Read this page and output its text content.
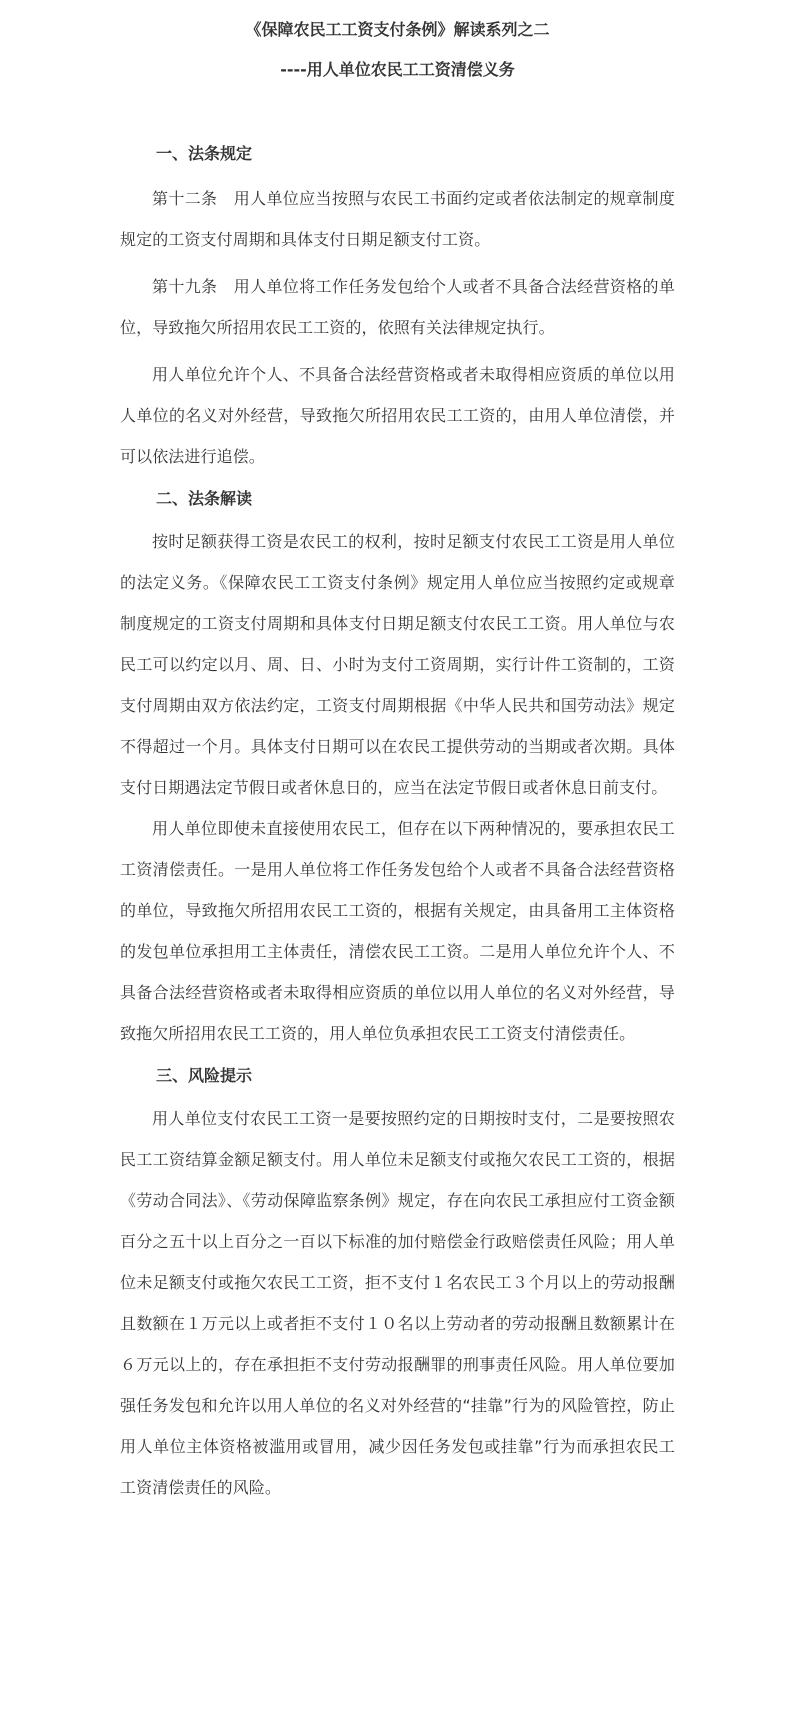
《保障农民工工资支付条例》解读系列之二

----用人单位农民工工资清偿义务

一、法条规定

第十二条　用人单位应当按照与农民工书面约定或者依法制定的规章制度规定的工资支付周期和具体支付日期足额支付工资。

第十九条　用人单位将工作任务发包给个人或者不具备合法经营资格的单位，导致拖欠所招用农民工工资的，依照有关法律规定执行。

用人单位允许个人、不具备合法经营资格或者未取得相应资质的单位以用人单位的名义对外经营，导致拖欠所招用农民工工资的，由用人单位清偿，并可以依法进行追偿。

二、法条解读

按时足额获得工资是农民工的权利，按时足额支付农民工工资是用人单位的法定义务。《保障农民工工资支付条例》规定用人单位应当按照约定或规章制度规定的工资支付周期和具体支付日期足额支付农民工工资。用人单位与农民工可以约定以月、周、日、小时为支付工资周期，实行计件工资制的，工资支付周期由双方依法约定，工资支付周期根据《中华人民共和国劳动法》规定不得超过一个月。具体支付日期可以在农民工提供劳动的当期或者次期。具体支付日期遇法定节假日或者休息日的，应当在法定节假日或者休息日前支付。

用人单位即使未直接使用农民工，但存在以下两种情况的，要承担农民工工资清偿责任。一是用人单位将工作任务发包给个人或者不具备合法经营资格的单位，导致拖欠所招用农民工工资的，根据有关规定，由具备用工主体资格的发包单位承担用工主体责任，清偿农民工工资。二是用人单位允许个人、不具备合法经营资格或者未取得相应资质的单位以用人单位的名义对外经营，导致拖欠所招用农民工工资的，用人单位负承担农民工工资支付清偿责任。

三、风险提示

用人单位支付农民工工资一是要按照约定的日期按时支付，二是要按照农民工工资结算金额足额支付。用人单位未足额支付或拖欠农民工工资的，根据《劳动合同法》、《劳动保障监察条例》规定，存在向农民工承担应付工资金额百分之五十以上百分之一百以下标准的加付赔偿金行政赔偿责任风险；用人单位未足额支付或拖欠农民工工资，拒不支付１名农民工３个月以上的劳动报酬且数额在１万元以上或者拒不支付１０名以上劳动者的劳动报酬且数额累计在６万元以上的，存在承担拒不支付劳动报酬罪的刑事责任风险。用人单位要加强任务发包和允许以用人单位的名义对外经营的“挂靠”行为的风险管控，防止用人单位主体资格被滥用或冒用，减少因任务发包或挂靠”行为而承担农民工工资清偿责任的风险。
